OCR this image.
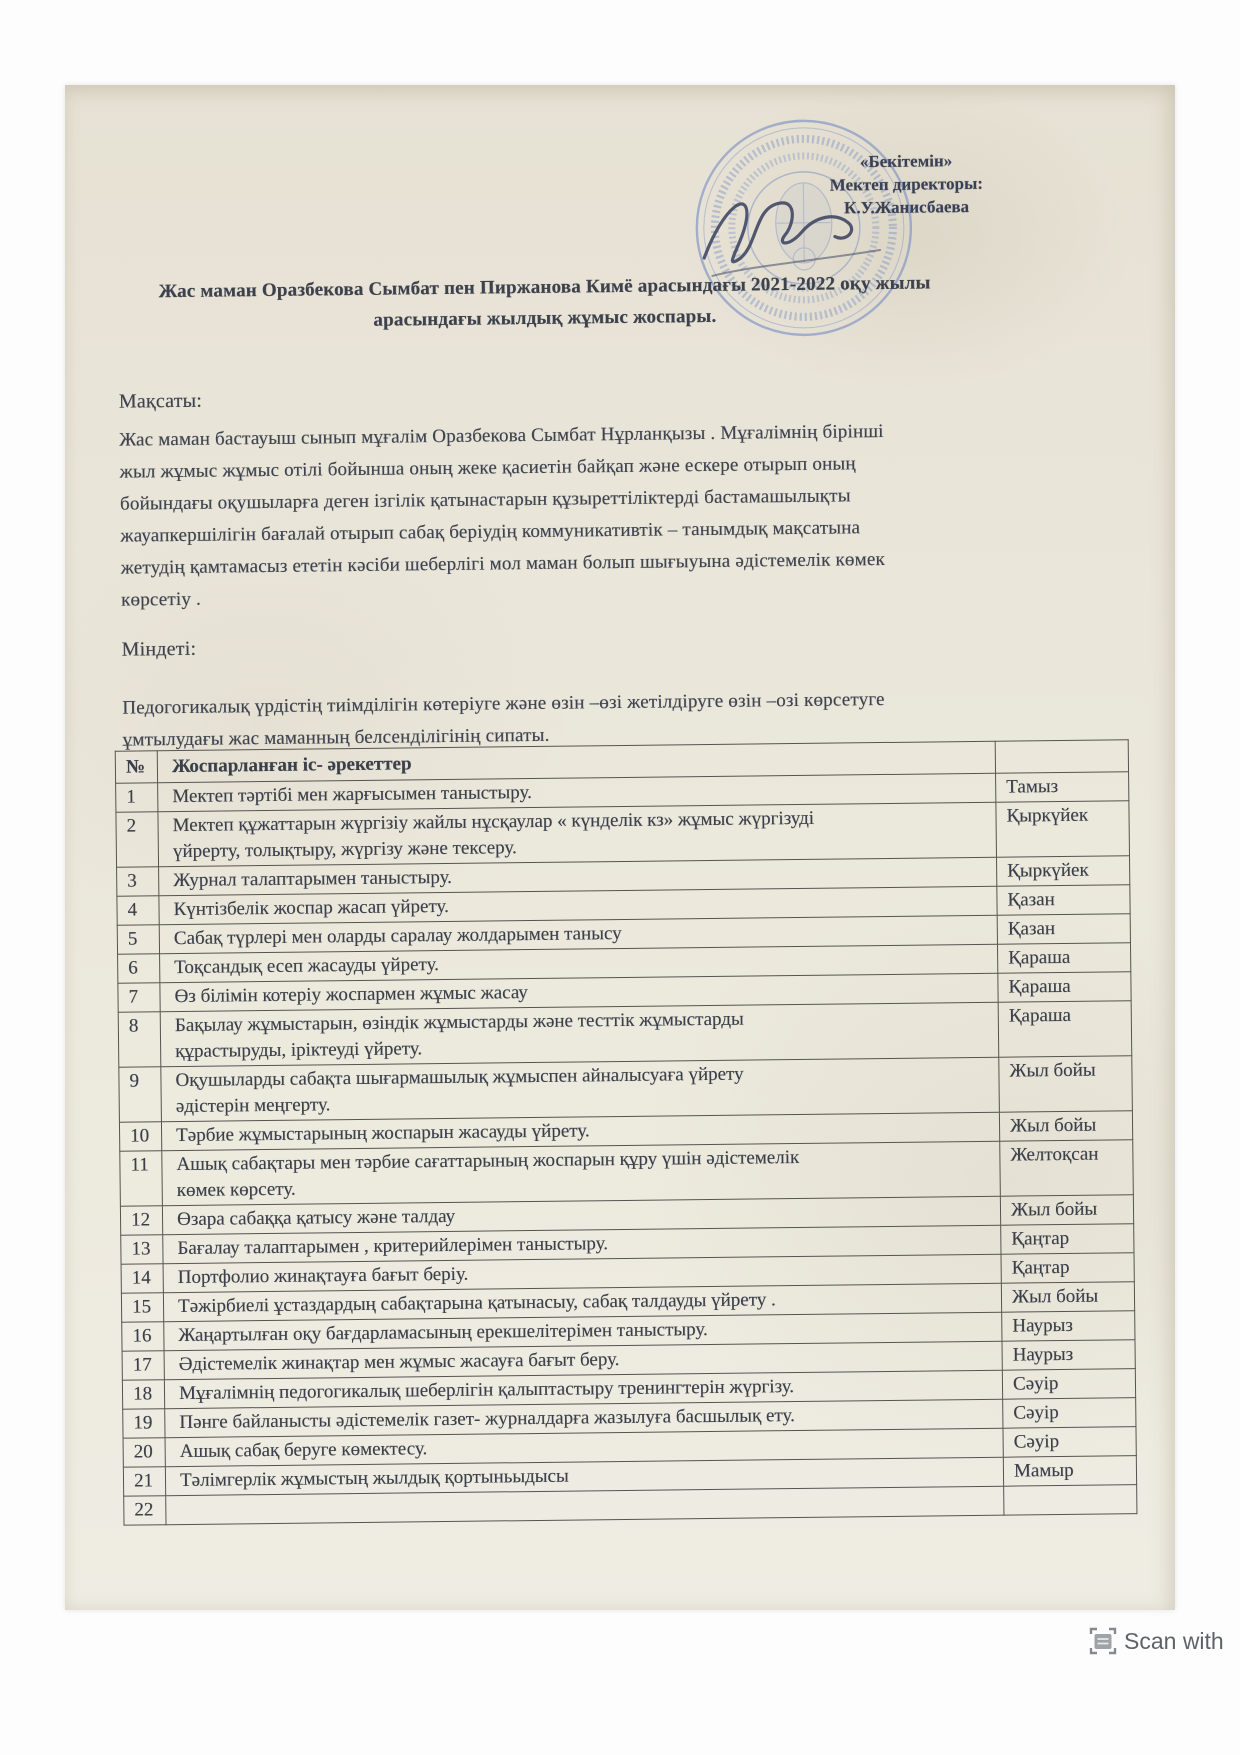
«Бекітемін»
Мектеп директоры:
К.У.Жанисбаева
Жас маман Оразбекова Сымбат пен Пиржанова Кимё арасындағы 2021-2022 оқу жылы
арасындағы жылдық жұмыс жоспары.
Мақсаты:
Жас маман бастауыш сынып мұғалім Оразбекова Сымбат Нұрланқызы . Мұғалімнің бірінші
жыл жұмыс жұмыс отілі бойынша оның жеке қасиетін байқап және ескере отырып оның
бойындағы оқушыларға деген ізгілік қатынастарын құзыреттіліктерді бастамашылықты
жауапкершілігін бағалай отырып сабақ беріудің коммуникативтік – танымдық мақсатына
жетудің қамтамасыз ететін кәсіби шеберлігі мол маман болып шығыуына әдістемелік көмек
көрсетіу .
Міндеті:
Педогогикалық үрдістің тиімділігін көтеріуге және өзін –өзі жетілдіруге өзін –озі көрсетуге
ұмтылудағы жас маманның белсенділігінің сипаты.
№	Жоспарланған іс- әрекеттер	
1	Мектеп тәртібі мен жарғысымен таныстыру.	Тамыз
2	Мектеп құжаттарын жүргізіу жайлы нұсқаулар « күнделік кз» жұмыс жүргізуді
үйрерту, толықтыру, жүргізу және тексеру.	Қыркүйек
3	Журнал талаптарымен таныстыру.	Қыркүйек
4	Күнтізбелік жоспар жасап үйрету.	Қазан
5	Сабақ түрлері мен оларды саралау жолдарымен танысу	Қазан
6	Тоқсандық есеп жасауды үйрету.	Қараша
7	Өз білімін котеріу жоспармен жұмыс жасау	Қараша
8	Бақылау жұмыстарын, өзіндік жұмыстарды және тесттік жұмыстарды
құрастыруды, іріктеуді үйрету.	Қараша
9	Оқушыларды сабақта шығармашылық жұмыспен айналысуаға үйрету
әдістерін меңгерту.	Жыл бойы
10	Тәрбие жұмыстарының жоспарын жасауды үйрету.	Жыл бойы
11	Ашық сабақтары мен тәрбие сағаттарының жоспарын құру үшін әдістемелік
көмек көрсету.	Желтоқсан
12	Өзара сабаққа қатысу және талдау	Жыл бойы
13	Бағалау талаптарымен , критерийлерімен таныстыру.	Қаңтар
14	Портфолио жинақтауға бағыт беріу.	Қаңтар
15	Тәжірбиелі ұстаздардың сабақтарына қатынасыу, сабақ талдауды үйрету .	Жыл бойы
16	Жаңартылған оқу бағдарламасының ерекшелітерімен таныстыру.	Наурыз
17	Әдістемелік жинақтар мен жұмыс жасауға бағыт беру.	Наурыз
18	Мұғалімнің педогогикалық шеберлігін қалыптастыру тренингтерін жүргізу.	Сәуір
19	Пәнге байланысты әдістемелік газет- журналдарға жазылуға басшылық ету.	Сәуір
20	Ашық сабақ беруге көмектесу.	Сәуір
21	Тәлімгерлік жұмыстың жылдық қортыньыдысы	Мамыр
22		
Scan with
